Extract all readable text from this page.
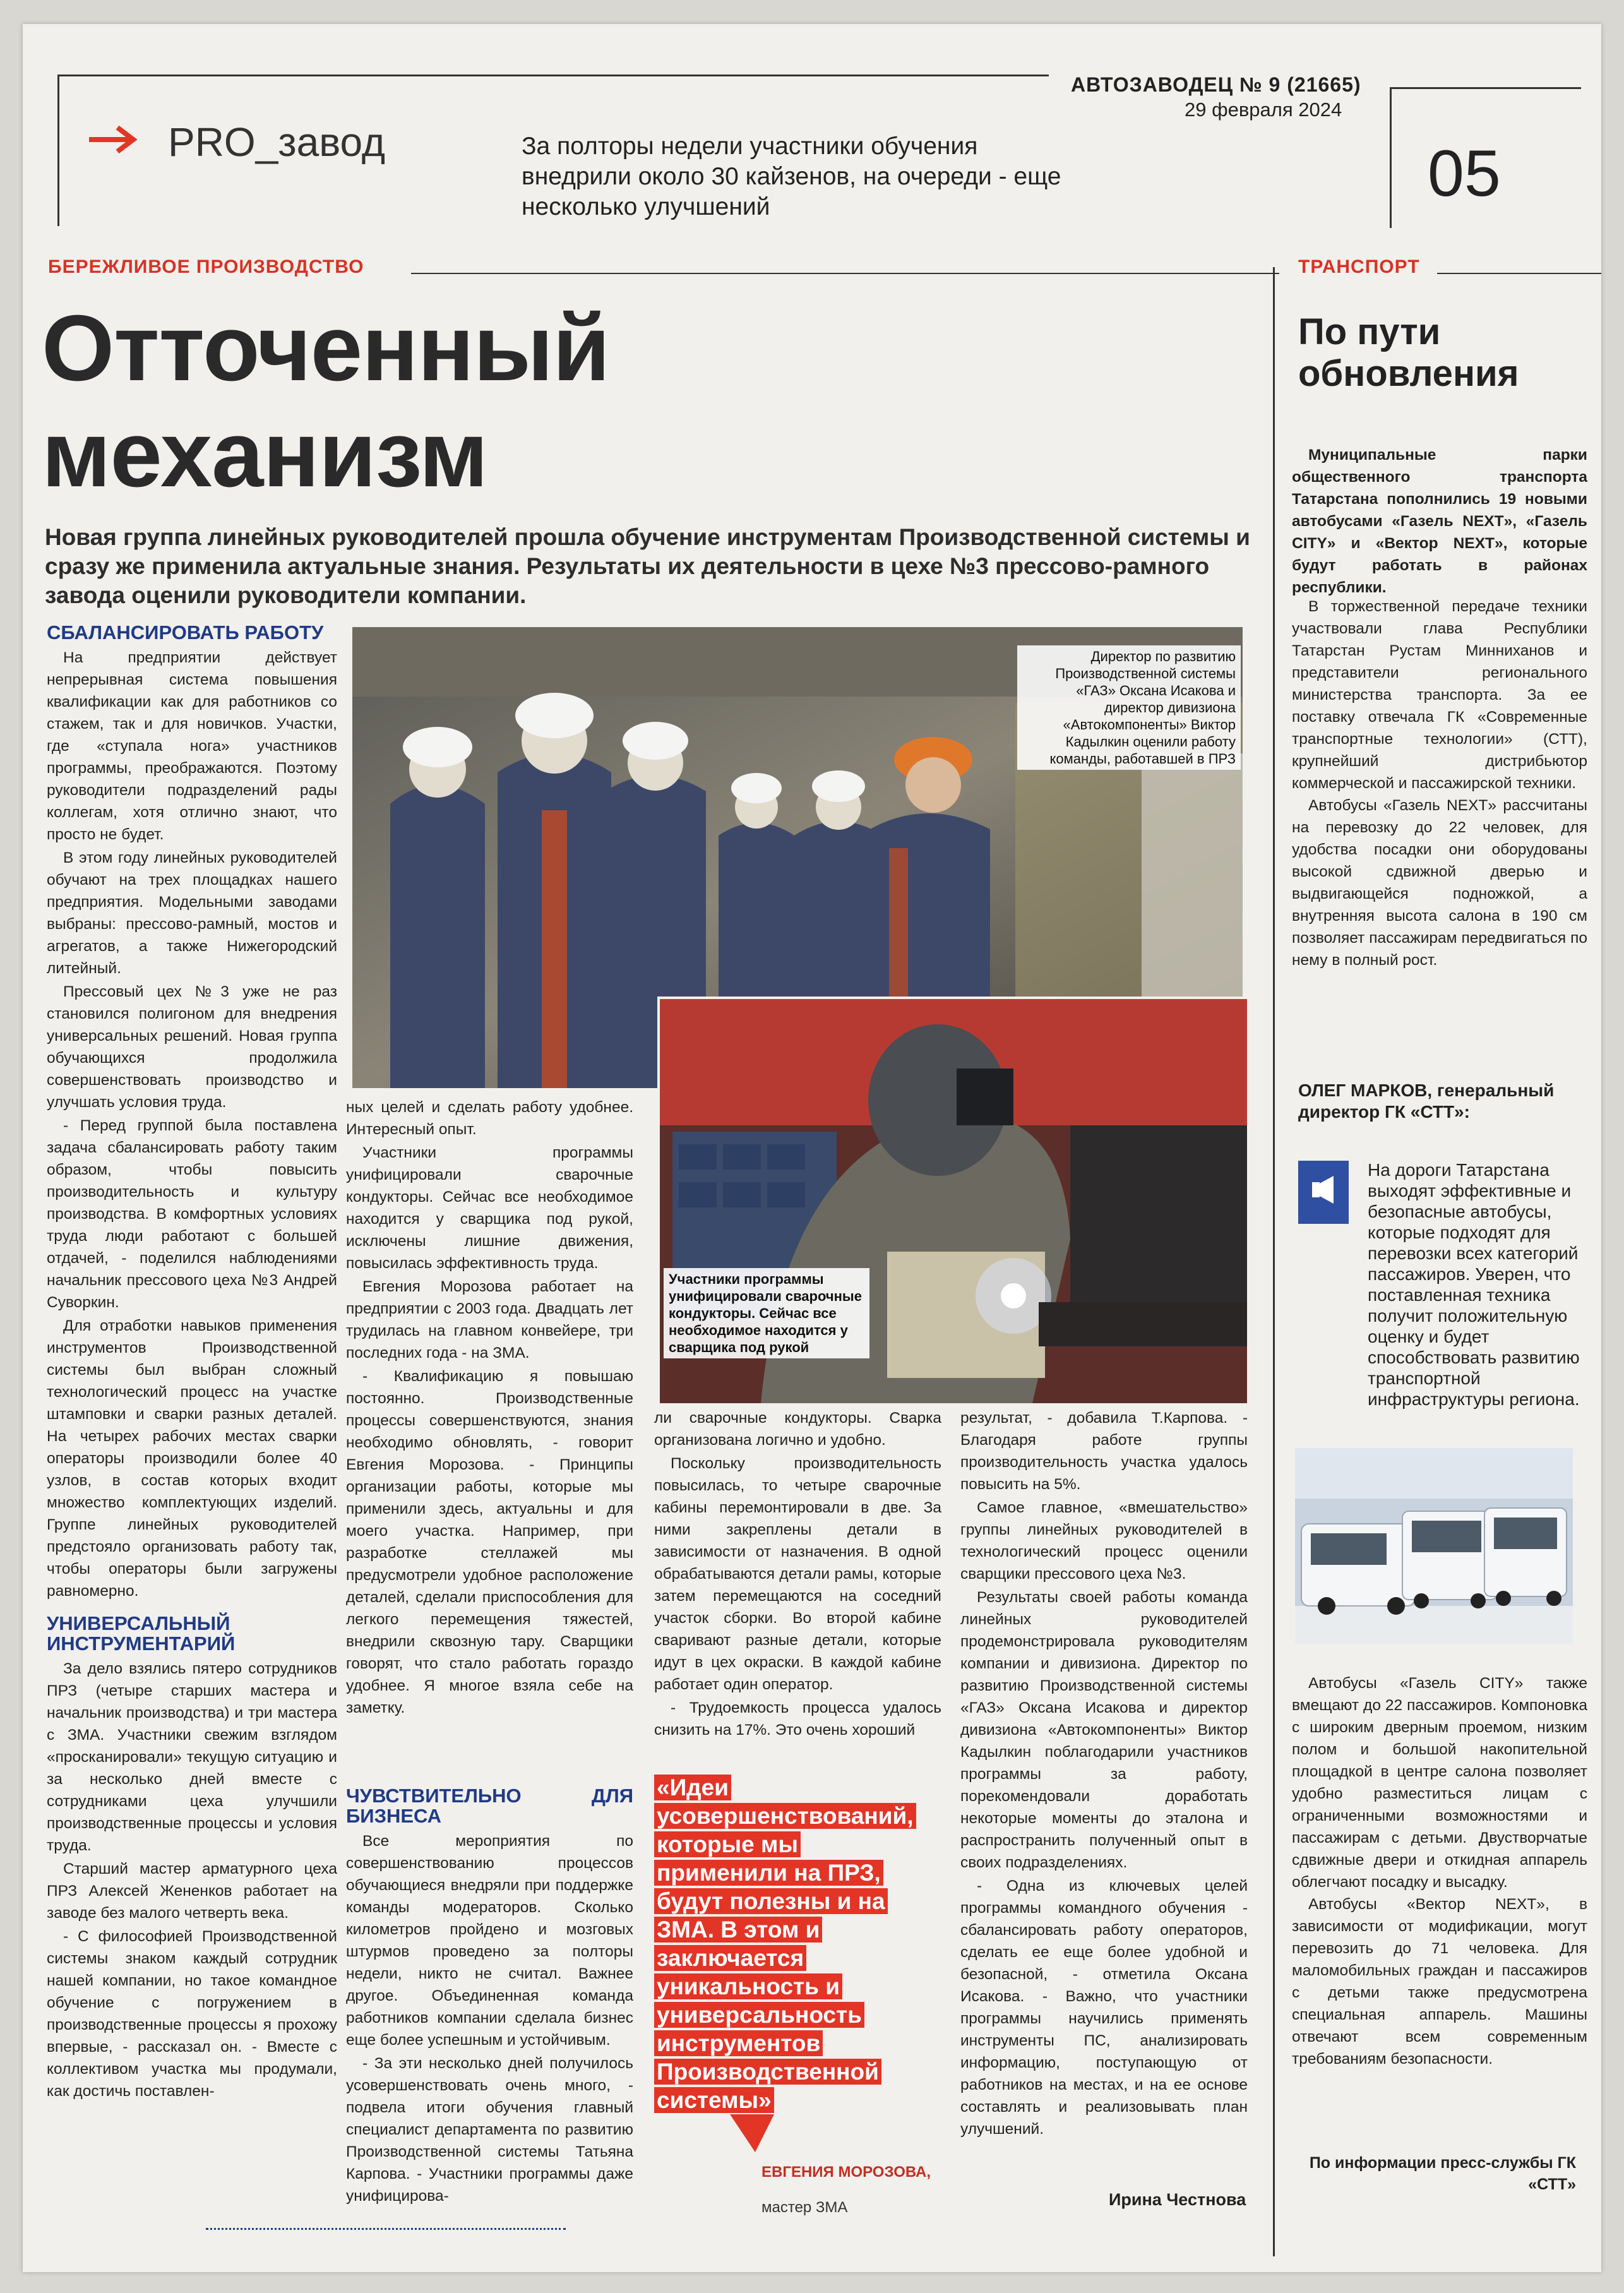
АВТОЗАВОДЕЦ № 9 (21665)
29 февраля 2024
PRO_завод	За полторы недели участники обучения внедрили около 30 кайзенов, на очереди - еще несколько улучшений	05
БЕРЕЖЛИВОЕ ПРОИЗВОДСТВО	ТРАНСПОРТ
Отточенный механизм
Новая группа линейных руководителей прошла обучение инструментам Производственной системы и сразу же применила актуальные знания. Результаты их деятельности в цехе №3 прессово-рамного завода оценили руководители компании.
СБАЛАНСИРОВАТЬ РАБОТУ

На предприятии действует непрерывная система повышения квалификации как для работников со стажем, так и для новичков. Участки, где «ступала нога» участников программы, преображаются. Поэтому руководители подразделений рады коллегам, хотя отлично знают, что просто не будет.

В этом году линейных руководителей обучают на трех площадках нашего предприятия. Модельными заводами выбраны: прессово-рамный, мостов и агрегатов, а также Нижегородский литейный.

Прессовый цех №3 уже не раз становился полигоном для внедрения универсальных решений. Новая группа обучающихся продолжила совершенствовать производство и улучшать условия труда.

- Перед группой была поставлена задача сбалансировать работу таким образом, чтобы повысить производительность и культуру производства. В комфортных условиях труда люди работают с большей отдачей, - поделился наблюдениями начальник прессового цеха №3 Андрей Суворкин.

Для отработки навыков применения инструментов Производственной системы был выбран сложный технологический процесс на участке штамповки и сварки разных деталей. На четырех рабочих местах сварки операторы производили более 40 узлов, в состав которых входит множество комплектующих изделий. Группе линейных руководителей предстояло организовать работу так, чтобы операторы были загружены равномерно.

УНИВЕРСАЛЬНЫЙ ИНСТРУМЕНТАРИЙ

За дело взялись пятеро сотрудников ПРЗ (четыре старших мастера и начальник производства) и три мастера с ЗМА. Участники свежим взглядом «просканировали» текущую ситуацию и за несколько дней вместе с сотрудниками цеха улучшили производственные процессы и условия труда.

Старший мастер арматурного цеха ПРЗ Алексей Жененков работает на заводе без малого четверть века.

- С философией Производственной системы знаком каждый сотрудник нашей компании, но такое командное обучение с погружением в производственные процессы я прохожу впервые, - рассказал он. - Вместе с коллективом участка мы продумали, как достичь поставлен-

Директор по развитию Производственной системы «ГАЗ» Оксана Исакова и директор дивизиона «Автокомпоненты» Виктор Кадылкин оценили работу команды, работавшей в ПРЗ
Участники программы унифицировали сварочные кондукторы. Сейчас все необходимое находится у сварщика под рукой

ных целей и сделать работу удобнее. Интересный опыт.

Участники программы унифицировали сварочные кондукторы. Сейчас все необходимое находится у сварщика под рукой, исключены лишние движения, повысилась эффективность труда.

Евгения Морозова работает на предприятии с 2003 года. Двадцать лет трудилась на главном конвейере, три последних года - на ЗМА.

- Квалификацию я повышаю постоянно. Производственные процессы совершенствуются, знания необходимо обновлять, - говорит Евгения Морозова. - Принципы организации работы, которые мы применили здесь, актуальны и для моего участка. Например, при разработке стеллажей мы предусмотрели удобное расположение деталей, сделали приспособления для легкого перемещения тяжестей, внедрили сквозную тару. Сварщики говорят, что стало работать гораздо удобнее. Я многое взяла себе на заметку.

ЧУВСТВИТЕЛЬНО ДЛЯ БИЗНЕСА

Все мероприятия по совершенствованию процессов обучающиеся внедряли при поддержке команды модераторов. Сколько километров пройдено и мозговых штурмов проведено за полторы недели, никто не считал. Важнее другое. Объединенная команда работников компании сделала бизнес еще более успешным и устойчивым.

- За эти несколько дней получилось усовершенствовать очень много, - подвела итоги обучения главный специалист департамента по развитию Производственной системы Татьяна Карпова. - Участники программы даже унифицирова-

ли сварочные кондукторы. Сварка организована логично и удобно.

Поскольку производительность повысилась, то четыре сварочные кабины перемонтировали в две. За ними закреплены детали в зависимости от назначения. В одной обрабатываются детали рамы, которые затем перемещаются на соседний участок сборки. Во второй кабине сваривают разные детали, которые идут в цех окраски. В каждой кабине работает один оператор.

- Трудоемкость процесса удалось снизить на 17%. Это очень хороший

«Идеи усовершенствований, которые мы применили на ПРЗ, будут полезны и на ЗМА. В этом и заключается уникальность и универсальность инструментов Производственной системы»
ЕВГЕНИЯ МОРОЗОВА,
мастер ЗМА

результат, - добавила Т.Карпова. - Благодаря работе группы производительность участка удалось повысить на 5%.

Самое главное, «вмешательство» группы линейных руководителей в технологический процесс оценили сварщики прессового цеха №3.

Результаты своей работы команда линейных руководителей продемонстрировала руководителям компании и дивизиона. Директор по развитию Производственной системы «ГАЗ» Оксана Исакова и директор дивизиона «Автокомпоненты» Виктор Кадылкин поблагодарили участников программы за работу, порекомендовали доработать некоторые моменты до эталона и распространить полученный опыт в своих подразделениях.

- Одна из ключевых целей программы командного обучения - сбалансировать работу операторов, сделать ее еще более удобной и безопасной, - отметила Оксана Исакова. - Важно, что участники программы научились применять инструменты ПС, анализировать информацию, поступающую от работников на местах, и на ее основе составлять и реализовывать план улучшений.

Ирина Честнова
По пути обновления

Муниципальные парки общественного транспорта Татарстана пополнились 19 новыми автобусами «Газель NEXT», «Газель CITY» и «Вектор NEXT», которые будут работать в районах республики.

В торжественной передаче техники участвовали глава Республики Татарстан Рустам Минниханов и представители регионального министерства транспорта. За ее поставку отвечала ГК «Современные транспортные технологии» (СТТ), крупнейший дистрибьютор коммерческой и пассажирской техники.

Автобусы «Газель NEXT» рассчитаны на перевозку до 22 человек, для удобства посадки они оборудованы высокой сдвижной дверью и выдвигающейся подножкой, а внутренняя высота салона в 190 см позволяет пассажирам передвигаться по нему в полный рост.

ОЛЕГ МАРКОВ, генеральный директор ГК «СТТ»:
На дороги Татарстана выходят эффективные и безопасные автобусы, которые подходят для перевозки всех категорий пассажиров. Уверен, что поставленная техника получит положительную оценку и будет способствовать развитию транспортной инфраструктуры региона.

Автобусы «Газель CITY» также вмещают до 22 пассажиров. Компоновка с широким дверным проемом, низким полом и большой накопительной площадкой в центре салона позволяет удобно разместиться лицам с ограниченными возможностями и пассажирам с детьми. Двустворчатые сдвижные двери и откидная аппарель облегчают посадку и высадку.

Автобусы «Вектор NEXT», в зависимости от модификации, могут перевозить до 71 человека. Для маломобильных граждан и пассажиров с детьми также предусмотрена специальная аппарель. Машины отвечают всем современным требованиям безопасности.

По информации пресс-службы ГК «СТТ»
